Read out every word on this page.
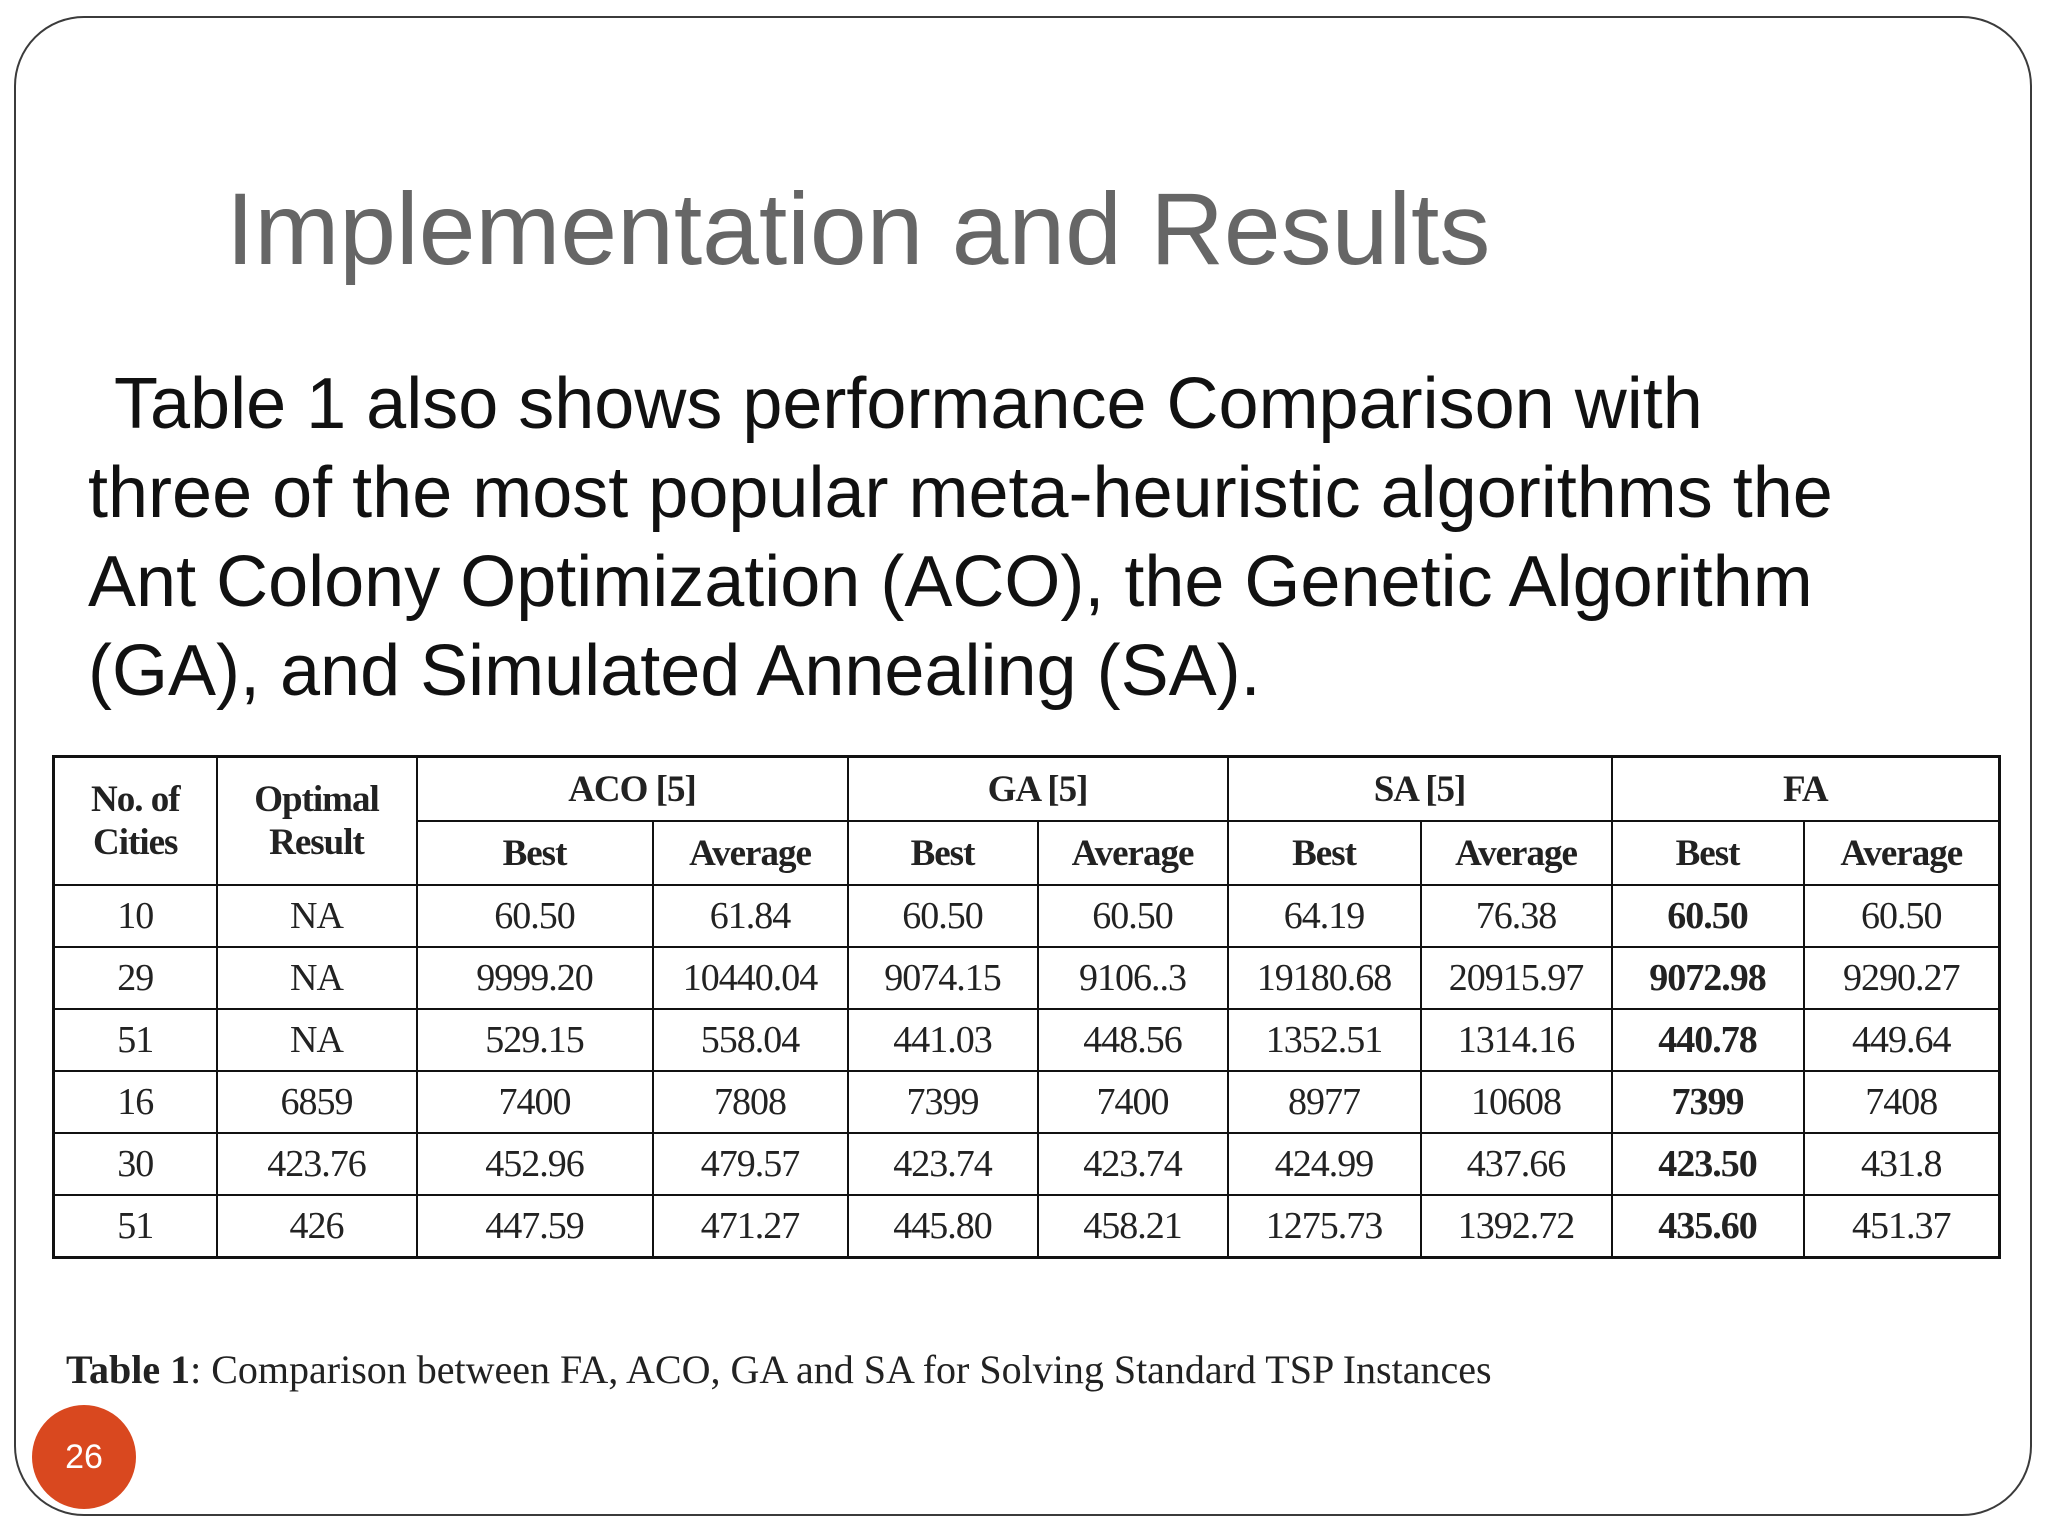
Implementation and Results

Table 1 also shows performance Comparison with
three of the most popular meta-heuristic algorithms the
Ant Colony Optimization (ACO), the Genetic Algorithm
(GA), and Simulated Annealing (SA).

No. of Cities	Optimal Result	ACO [5]		GA [5]		SA [5]		FA	
		Best	Average	Best	Average	Best	Average	Best	Average
10	NA	60.50	61.84	60.50	60.50	64.19	76.38	60.50	60.50
29	NA	9999.20	10440.04	9074.15	9106..3	19180.68	20915.97	9072.98	9290.27
51	NA	529.15	558.04	441.03	448.56	1352.51	1314.16	440.78	449.64
16	6859	7400	7808	7399	7400	8977	10608	7399	7408
30	423.76	452.96	479.57	423.74	423.74	424.99	437.66	423.50	431.8
51	426	447.59	471.27	445.80	458.21	1275.73	1392.72	435.60	451.37
Table 1: Comparison between FA, ACO, GA and SA for Solving Standard TSP Instances
26
